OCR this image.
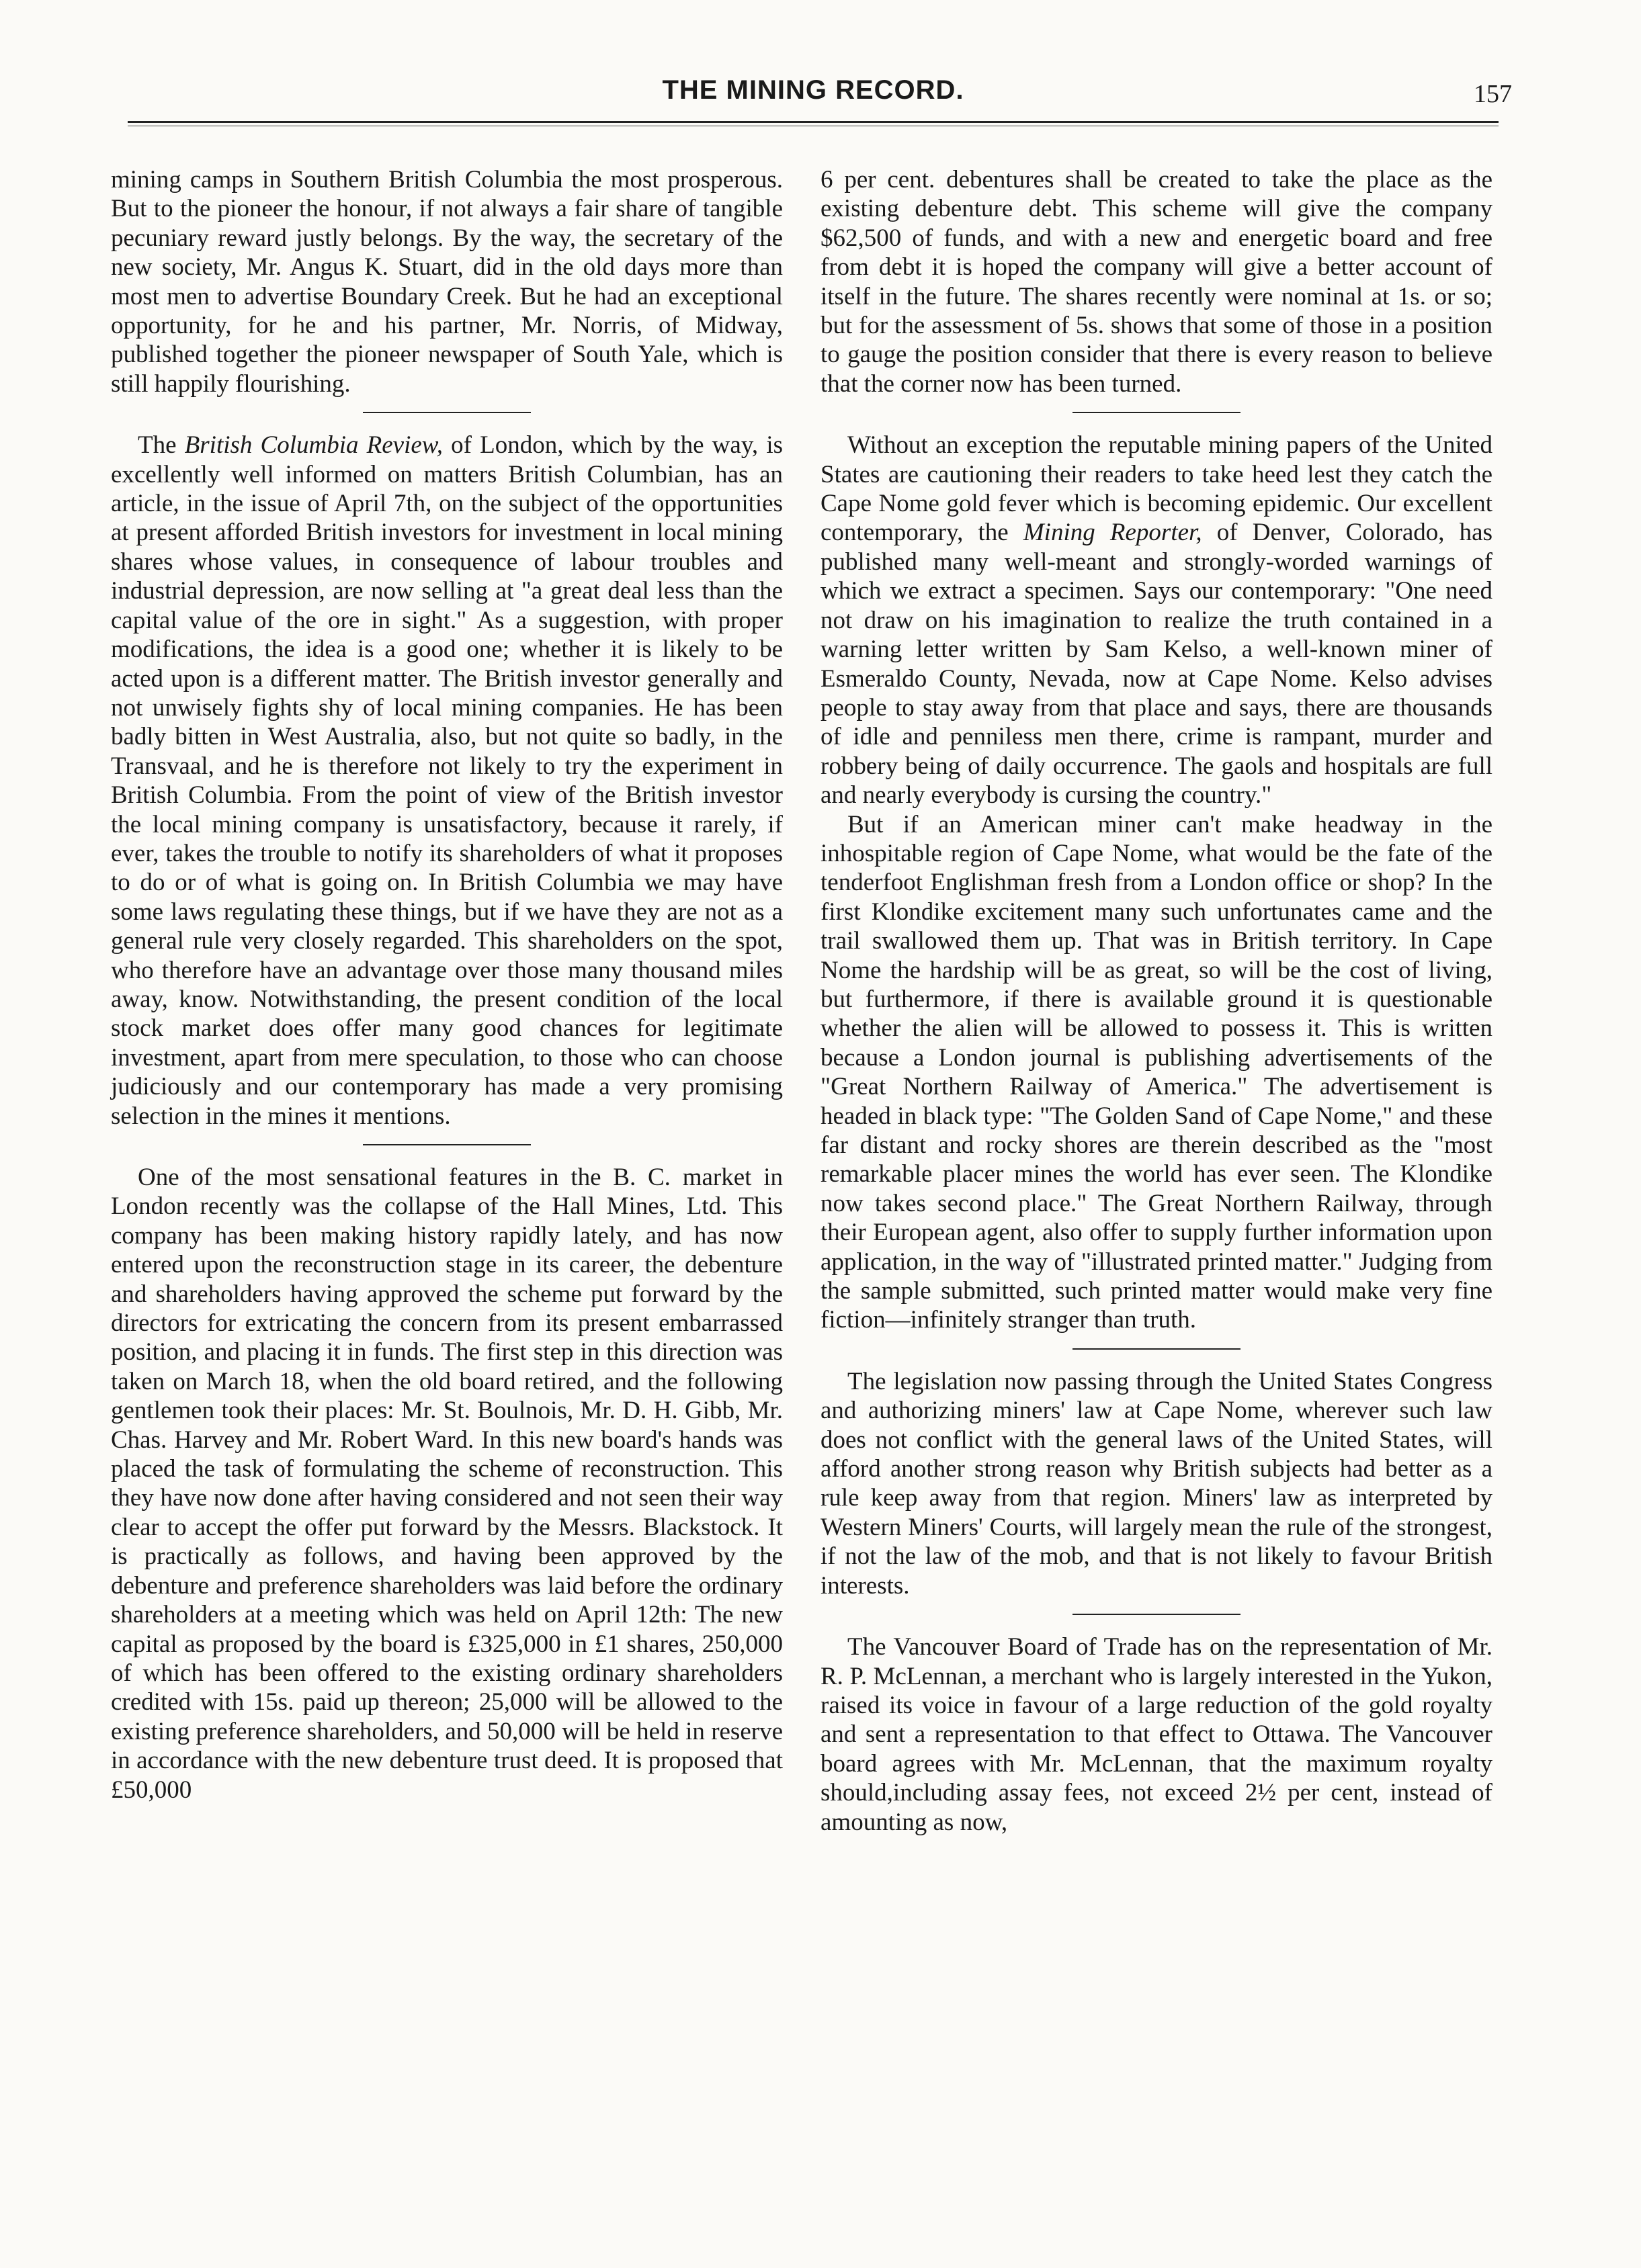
THE MINING RECORD.	157

mining camps in Southern British Columbia the most prosperous. But to the pioneer the honour, if not always a fair share of tangible pecuniary reward justly belongs. By the way, the secretary of the new society, Mr. Angus K. Stuart, did in the old days more than most men to advertise Boundary Creek. But he had an exceptional opportunity, for he and his partner, Mr. Norris, of Midway, published together the pioneer newspaper of South Yale, which is still happily flourishing.

The British Columbia Review, of London, which by the way, is excellently well informed on matters British Columbian, has an article, in the issue of April 7th, on the subject of the opportunities at present afforded British investors for investment in local mining shares whose values, in consequence of labour troubles and industrial depression, are now selling at "a great deal less than the capital value of the ore in sight." As a suggestion, with proper modifications, the idea is a good one; whether it is likely to be acted upon is a different matter. The British investor generally and not unwisely fights shy of local mining companies. He has been badly bitten in West Australia, also, but not quite so badly, in the Transvaal, and he is therefore not likely to try the experiment in British Columbia. From the point of view of the British investor the local mining company is unsatisfactory, because it rarely, if ever, takes the trouble to notify its shareholders of what it proposes to do or of what is going on. In British Columbia we may have some laws regulating these things, but if we have they are not as a general rule very closely regarded. This shareholders on the spot, who therefore have an advantage over those many thousand miles away, know. Notwithstanding, the present condition of the local stock market does offer many good chances for legitimate investment, apart from mere speculation, to those who can choose judiciously and our contemporary has made a very promising selection in the mines it mentions.

One of the most sensational features in the B. C. market in London recently was the collapse of the Hall Mines, Ltd. This company has been making history rapidly lately, and has now entered upon the reconstruction stage in its career, the debenture and shareholders having approved the scheme put forward by the directors for extricating the concern from its present embarrassed position, and placing it in funds. The first step in this direction was taken on March 18, when the old board retired, and the following gentlemen took their places: Mr. St. Boulnois, Mr. D. H. Gibb, Mr. Chas. Harvey and Mr. Robert Ward. In this new board's hands was placed the task of formulating the scheme of reconstruction. This they have now done after having considered and not seen their way clear to accept the offer put forward by the Messrs. Blackstock. It is practically as follows, and having been approved by the debenture and preference shareholders was laid before the ordinary shareholders at a meeting which was held on April 12th: The new capital as proposed by the board is £325,000 in £1 shares, 250,000 of which has been offered to the existing ordinary shareholders credited with 15s. paid up thereon; 25,000 will be allowed to the existing preference shareholders, and 50,000 will be held in reserve in accordance with the new debenture trust deed. It is proposed that £50,000

6 per cent. debentures shall be created to take the place as the existing debenture debt. This scheme will give the company $62,500 of funds, and with a new and energetic board and free from debt it is hoped the company will give a better account of itself in the future. The shares recently were nominal at 1s. or so; but for the assessment of 5s. shows that some of those in a position to gauge the position consider that there is every reason to believe that the corner now has been turned.

Without an exception the reputable mining papers of the United States are cautioning their readers to take heed lest they catch the Cape Nome gold fever which is becoming epidemic. Our excellent contemporary, the Mining Reporter, of Denver, Colorado, has published many well-meant and strongly-worded warnings of which we extract a specimen. Says our contemporary: "One need not draw on his imagination to realize the truth contained in a warning letter written by Sam Kelso, a well-known miner of Esmeraldo County, Nevada, now at Cape Nome. Kelso advises people to stay away from that place and says, there are thousands of idle and penniless men there, crime is rampant, murder and robbery being of daily occurrence. The gaols and hospitals are full and nearly everybody is cursing the country."

But if an American miner can't make headway in the inhospitable region of Cape Nome, what would be the fate of the tenderfoot Englishman fresh from a London office or shop? In the first Klondike excitement many such unfortunates came and the trail swallowed them up. That was in British territory. In Cape Nome the hardship will be as great, so will be the cost of living, but furthermore, if there is available ground it is questionable whether the alien will be allowed to possess it. This is written because a London journal is publishing advertisements of the "Great Northern Railway of America." The advertisement is headed in black type: "The Golden Sand of Cape Nome," and these far distant and rocky shores are therein described as the "most remarkable placer mines the world has ever seen. The Klondike now takes second place." The Great Northern Railway, through their European agent, also offer to supply further information upon application, in the way of "illustrated printed matter." Judging from the sample submitted, such printed matter would make very fine fiction—infinitely stranger than truth.

The legislation now passing through the United States Congress and authorizing miners' law at Cape Nome, wherever such law does not conflict with the general laws of the United States, will afford another strong reason why British subjects had better as a rule keep away from that region. Miners' law as interpreted by Western Miners' Courts, will largely mean the rule of the strongest, if not the law of the mob, and that is not likely to favour British interests.

The Vancouver Board of Trade has on the representation of Mr. R. P. McLennan, a merchant who is largely interested in the Yukon, raised its voice in favour of a large reduction of the gold royalty and sent a representation to that effect to Ottawa. The Vancouver board agrees with Mr. McLennan, that the maximum royalty should,including assay fees, not exceed 2½ per cent, instead of amounting as now,
